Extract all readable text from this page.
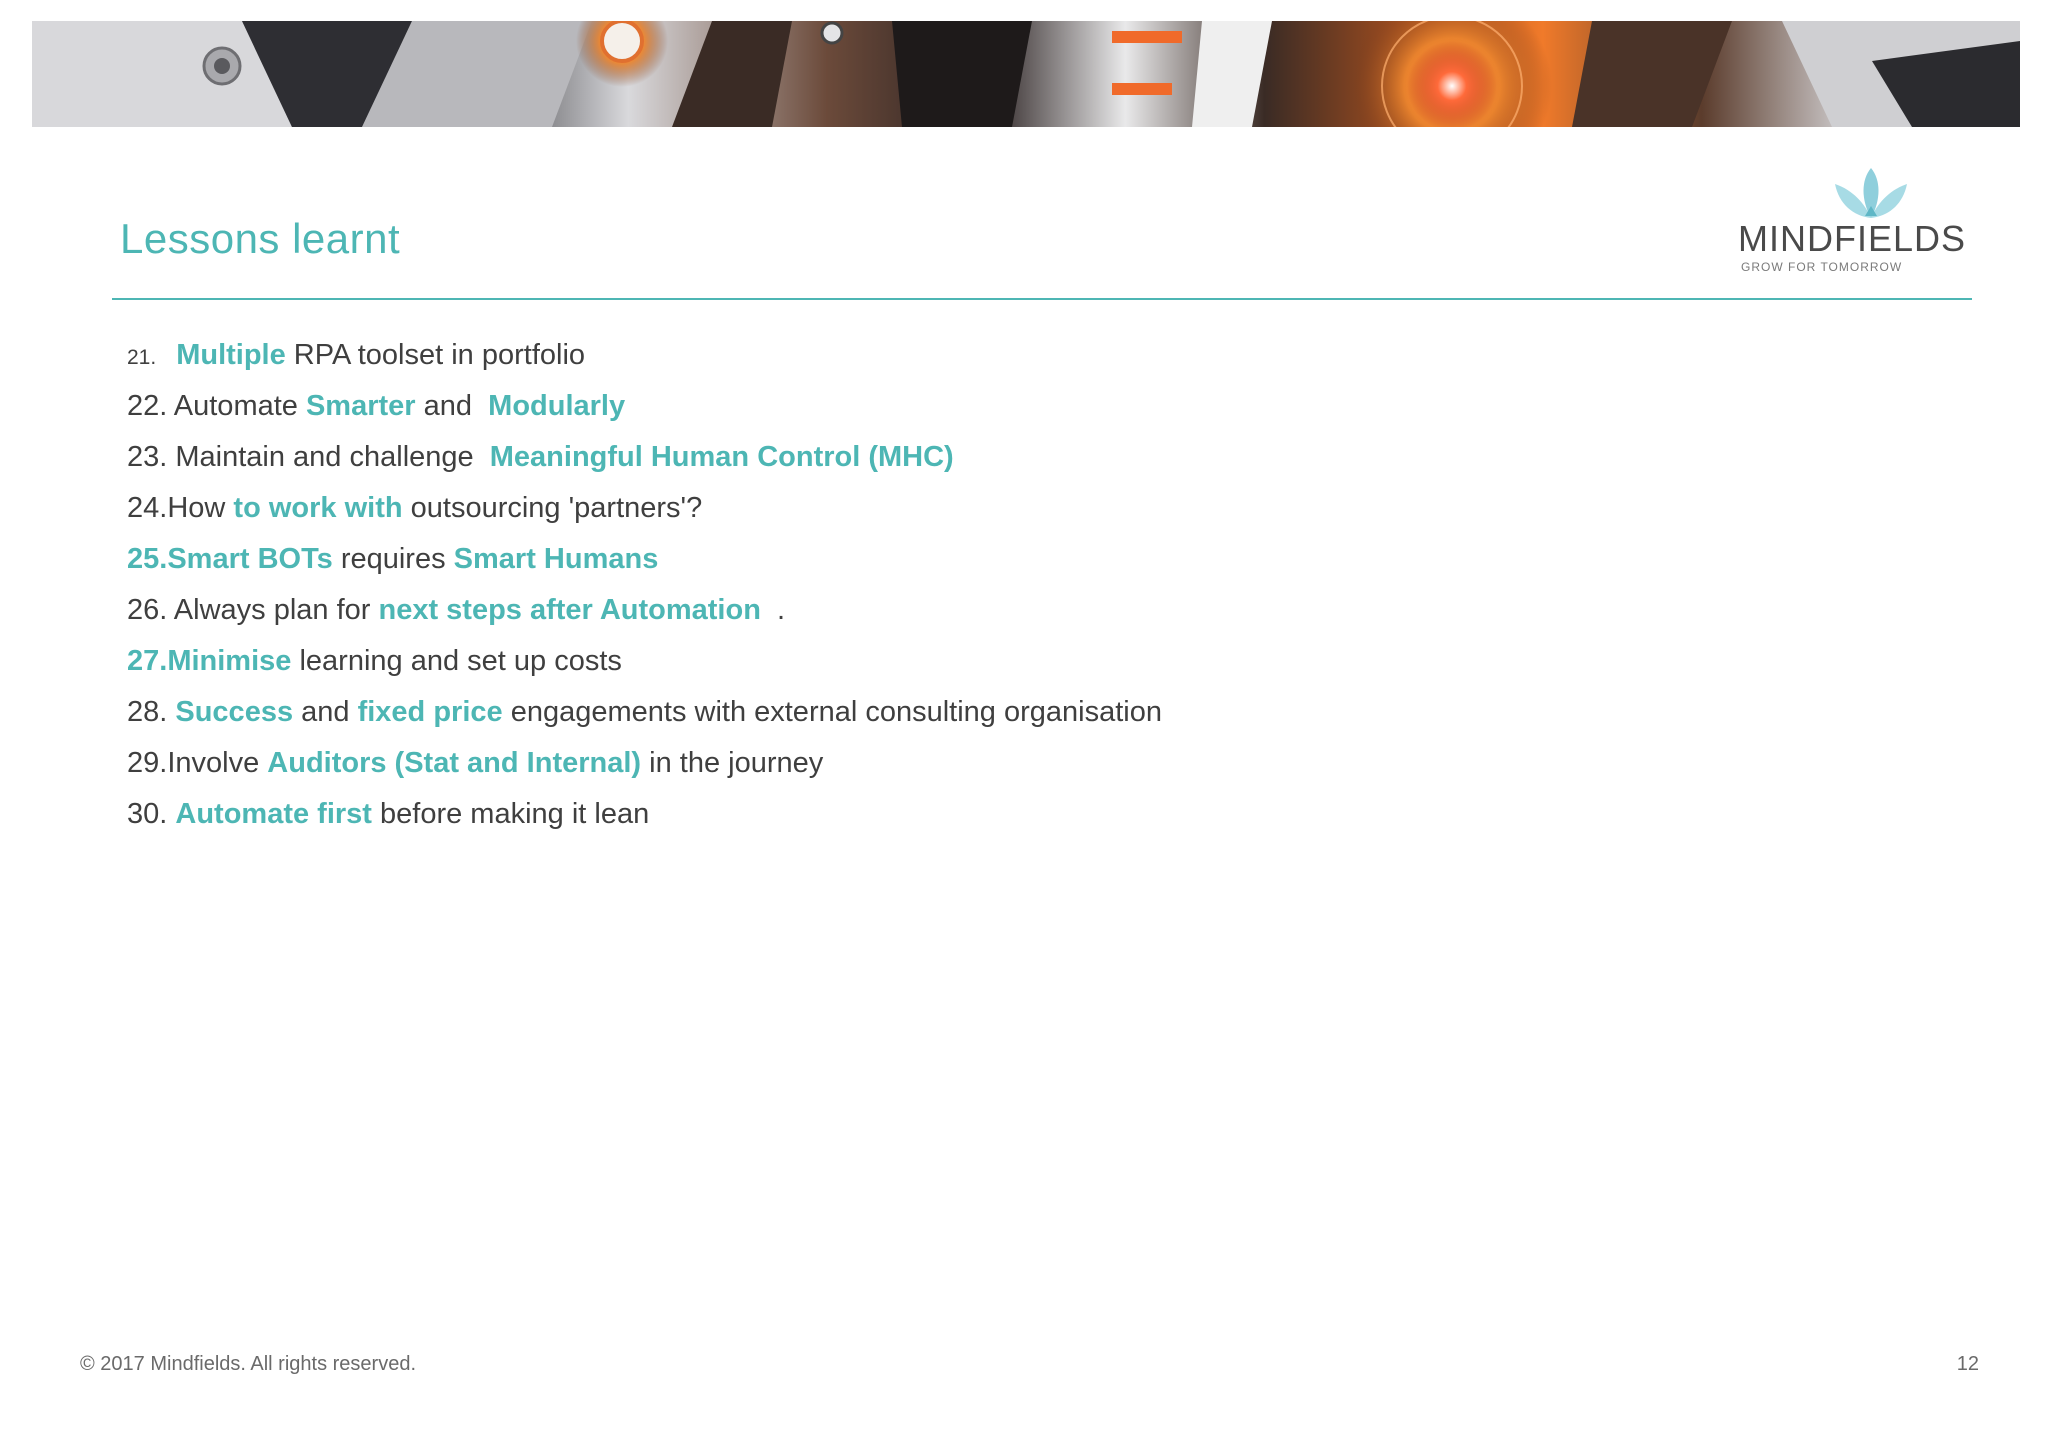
Lessons learnt	MINDFIELDS
GROW FOR TOMORROW
21. Multiple RPA toolset in portfolio
22. Automate Smarter and  Modularly
23. Maintain and challenge  Meaningful Human Control (MHC)
24.How to work with outsourcing 'partners'?
25.Smart BOTs requires Smart Humans
26. Always plan for next steps after Automation  .
27.Minimise learning and set up costs
28. Success and fixed price engagements with external consulting organisation
29.Involve Auditors (Stat and Internal) in the journey
30. Automate first before making it lean
© 2017 Mindfields. All rights reserved.	12
